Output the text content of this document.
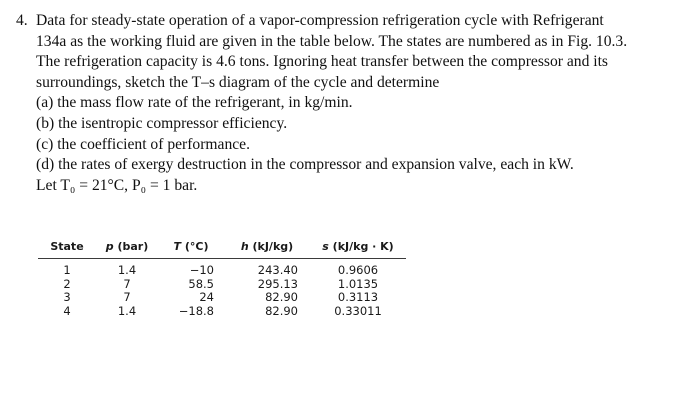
4. Data for steady-state operation of a vapor-compression refrigeration cycle with Refrigerant
134a as the working fluid are given in the table below. The states are numbered as in Fig. 10.3.
The refrigeration capacity is 4.6 tons. Ignoring heat transfer between the compressor and its
surroundings, sketch the T–s diagram of the cycle and determine
(a) the mass flow rate of the refrigerant, in kg/min.
(b) the isentropic compressor efficiency.
(c) the coefficient of performance.
(d) the rates of exergy destruction in the compressor and expansion valve, each in kW.
Let T₀ = 21°C, P₀ = 1 bar.
State	p (bar)	T (°C)	h (kJ/kg)	s (kJ/kg · K)
1	1.4	−10	243.40	0.9606
2	7	58.5	295.13	1.0135
3	7	24	82.90	0.3113
4	1.4	−18.8	82.90	0.33011
